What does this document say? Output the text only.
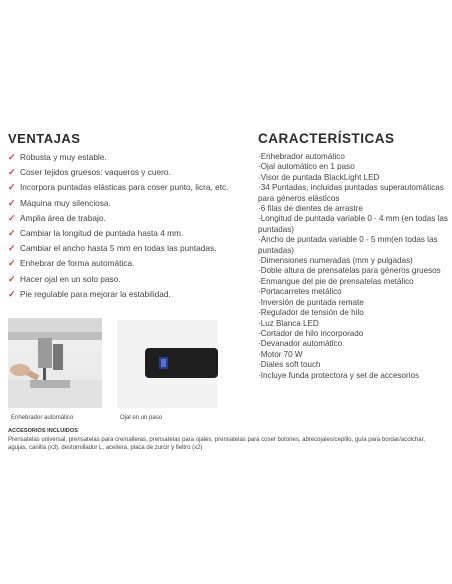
VENTAJAS
✓ Robusta y muy estable.
✓ Coser tejidos gruesos: vaqueros y cuero.
✓ Incorpora puntadas elásticas para coser punto, licra, etc.
✓ Máquina muy silenciosa.
✓ Amplia área de trabajo.
✓ Cambiar la longitud de puntada hasta 4 mm.
✓ Cambiar el ancho hasta 5 mm en todas las puntadas.
✓ Enhebrar de forma automática.
✓ Hacer ojal en un solo paso.
✓ Pie regulable para mejorar la estabilidad.
CARACTERÍSTICAS
·Enhebrador automático
·Ojal automático en 1 paso
·Visor de puntada BlackLight LED
·34 Puntadas, incluidas puntadas superautomáticas para géneros elásticos
·6 filas de dientes de arrastre
·Longitud de puntada variable 0 - 4 mm (en todas las puntadas)
·Ancho de puntada variable 0 - 5 mm(en todas las puntadas)
·Dimensiones numeradas (mm y pulgadas)
·Doble altura de prensatelas para géneros gruesos
·Enmangue del pie de prensatelas metálico
·Portacarretes metálico
·Inversión de puntada remate
·Regulador de tensión de hilo
·Luz Blanca LED
·Cortador de hilo incorporado
·Devanador automático
·Motor 70 W
·Diales soft touch
·Incluye funda protectora y set de accesorios
Enhebrador automático	Ojal en un paso
ACCESORIOS INCLUIDOS
Prensatelas universal, prensatelas para cremalleras, prensatelas para ojales, prensatelas para coser botones, abrecojales/cepillo, guía para bordar/acolchar, agujas, canilla (x3), destornillador L, aceitera, placa de zurcir y fieltro (x2)
